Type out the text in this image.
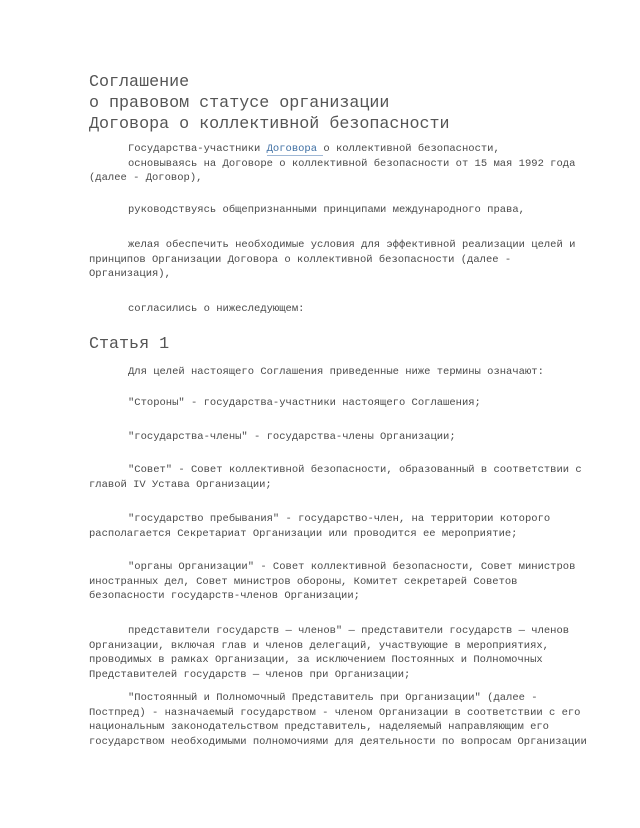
Соглашение
о правовом статусе организации
Договора о коллективной безопасности
Государства-участники Договора о коллективной безопасности,
основываясь на Договоре о коллективной безопасности от 15 мая 1992 года
(далее - Договор),
руководствуясь общепризнанными принципами международного права,
желая обеспечить необходимые условия для эффективной реализации целей и
принципов Организации Договора о коллективной безопасности (далее -
Организация),
согласились о нижеследующем:
Статья 1
Для целей настоящего Соглашения приведенные ниже термины означают:
"Стороны" - государства-участники настоящего Соглашения;
"государства-члены" - государства-члены Организации;
"Совет" - Совет коллективной безопасности, образованный в соответствии с
главой IV Устава Организации;
"государство пребывания" - государство-член, на территории которого
располагается Секретариат Организации или проводится ее мероприятие;
"органы Организации" - Совет коллективной безопасности, Совет министров
иностранных дел, Совет министров обороны, Комитет секретарей Советов
безопасности государств-членов Организации;
представители государств — членов" — представители государств — членов
Организации, включая глав и членов делегаций, участвующие в мероприятиях,
проводимых в рамках Организации, за исключением Постоянных и Полномочных
Представителей государств — членов при Организации;
"Постоянный и Полномочный Представитель при Организации" (далее -
Постпред) - назначаемый государством - членом Организации в соответствии с его
национальным законодательством представитель, наделяемый направляющим его
государством необходимыми полномочиями для деятельности по вопросам Организации
